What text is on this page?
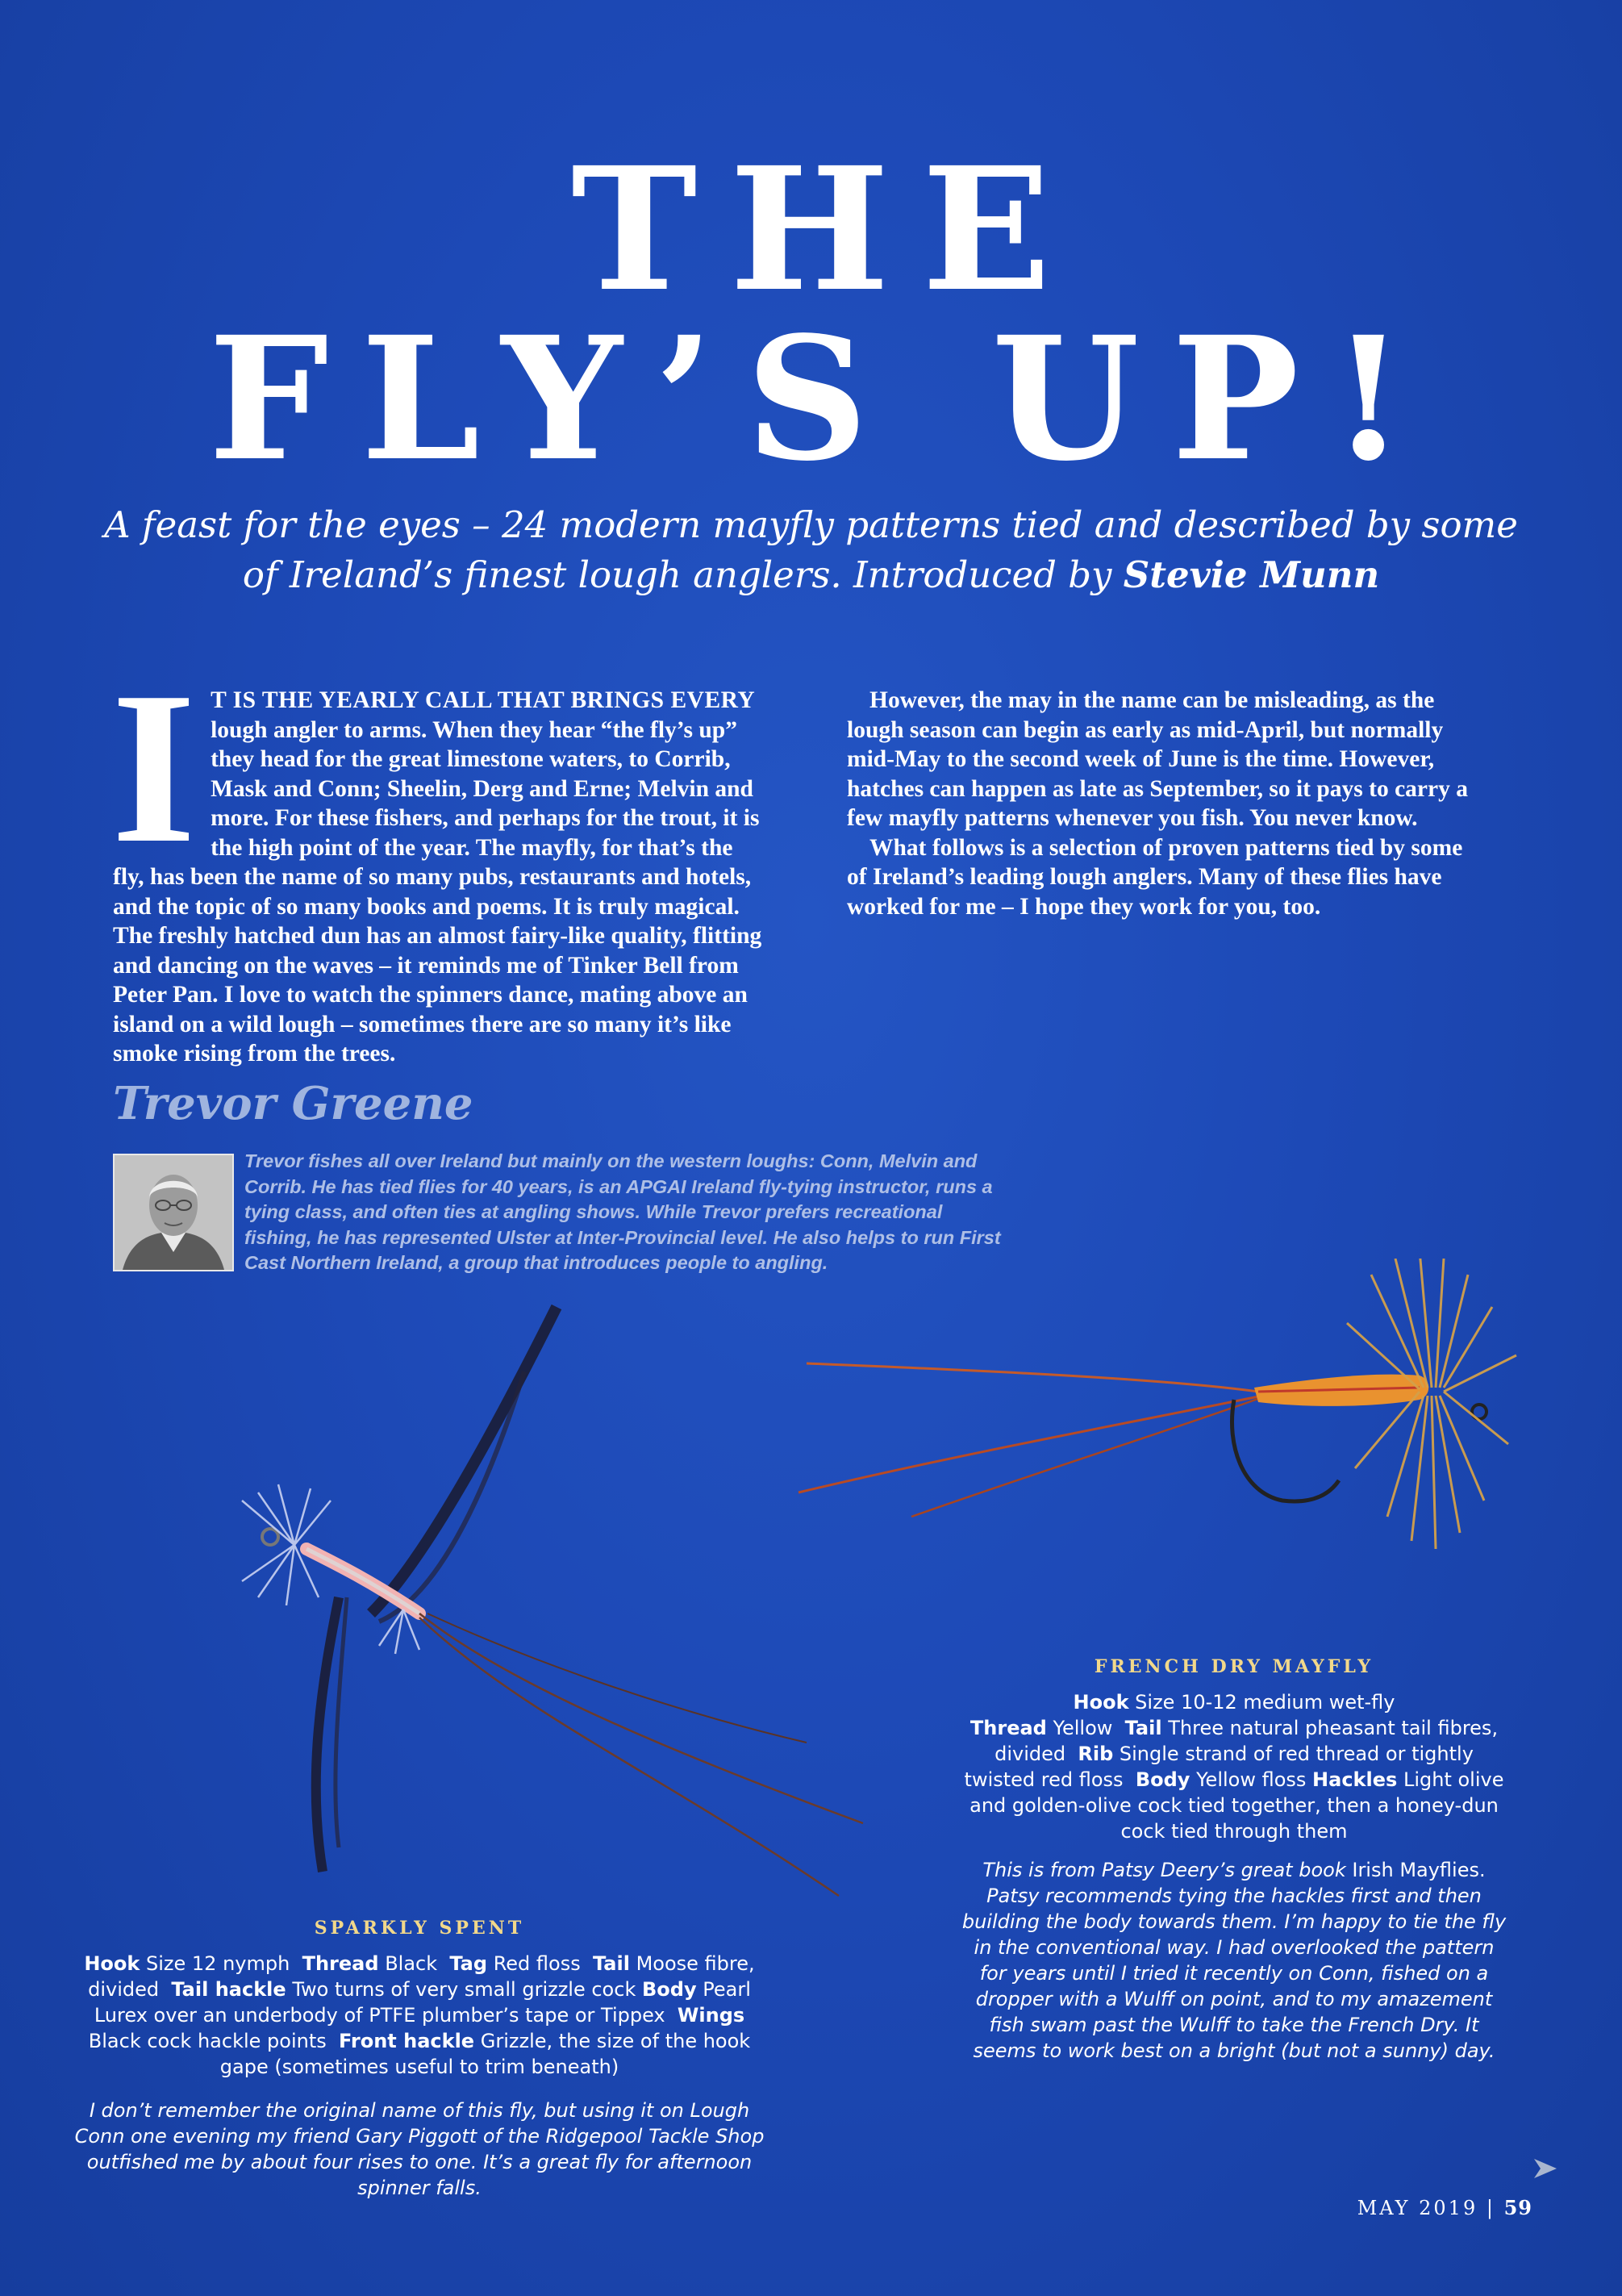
THE
FLY’S UP!
A feast for the eyes – 24 modern mayfly patterns tied and described by some
of Ireland’s finest lough anglers. Introduced by Stevie Munn
I T IS THE YEARLY CALL THAT BRINGS EVERY lough angler to arms. When they hear “the fly’s up” they head for the great limestone waters, to Corrib, Mask and Conn; Sheelin, Derg and Erne; Melvin and more. For these fishers, and perhaps for the trout, it is the high point of the year. The mayfly, for that’s the fly, has been the name of so many pubs, restaurants and hotels, and the topic of so many books and poems. It is truly magical. The freshly hatched dun has an almost fairy-like quality, flitting and dancing on the waves – it reminds me of Tinker Bell from Peter Pan. I love to watch the spinners dance, mating above an island on a wild lough – sometimes there are so many it’s like smoke rising from the trees.

However, the may in the name can be misleading, as the lough season can begin as early as mid-April, but normally mid-May to the second week of June is the time. However, hatches can happen as late as September, so it pays to carry a few mayfly patterns whenever you fish. You never know.

What follows is a selection of proven patterns tied by some of Ireland’s leading lough anglers. Many of these flies have worked for me – I hope they work for you, too.

Trevor Greene
Trevor fishes all over Ireland but mainly on the western loughs: Conn, Melvin and Corrib. He has tied flies for 40 years, is an APGAI Ireland fly-tying instructor, runs a tying class, and often ties at angling shows. While Trevor prefers recreational fishing, he has represented Ulster at Inter-Provincial level. He also helps to run First Cast Northern Ireland, a group that introduces people to angling.
FRENCH DRY MAYFLY
Hook Size 10-12 medium wet-fly
Thread Yellow Tail Three natural pheasant tail fibres, divided Rib Single strand of red thread or tightly twisted red floss Body Yellow floss Hackles Light olive and golden-olive cock tied together, then a honey-dun cock tied through them
This is from Patsy Deery’s great book Irish Mayflies. Patsy recommends tying the hackles first and then building the body towards them. I’m happy to tie the fly in the conventional way. I had overlooked the pattern for years until I tried it recently on Conn, fished on a dropper with a Wulff on point, and to my amazement fish swam past the Wulff to take the French Dry. It seems to work best on a bright (but not a sunny) day.
SPARKLY SPENT
Hook Size 12 nymph Thread Black Tag Red floss Tail Moose fibre, divided Tail hackle Two turns of very small grizzle cock Body Pearl Lurex over an underbody of PTFE plumber’s tape or Tippex Wings Black cock hackle points Front hackle Grizzle, the size of the hook gape (sometimes useful to trim beneath)
I don’t remember the original name of this fly, but using it on Lough Conn one evening my friend Gary Piggott of the Ridgepool Tackle Shop outfished me by about four rises to one. It’s a great fly for afternoon spinner falls.
MAY 2019 | 59
